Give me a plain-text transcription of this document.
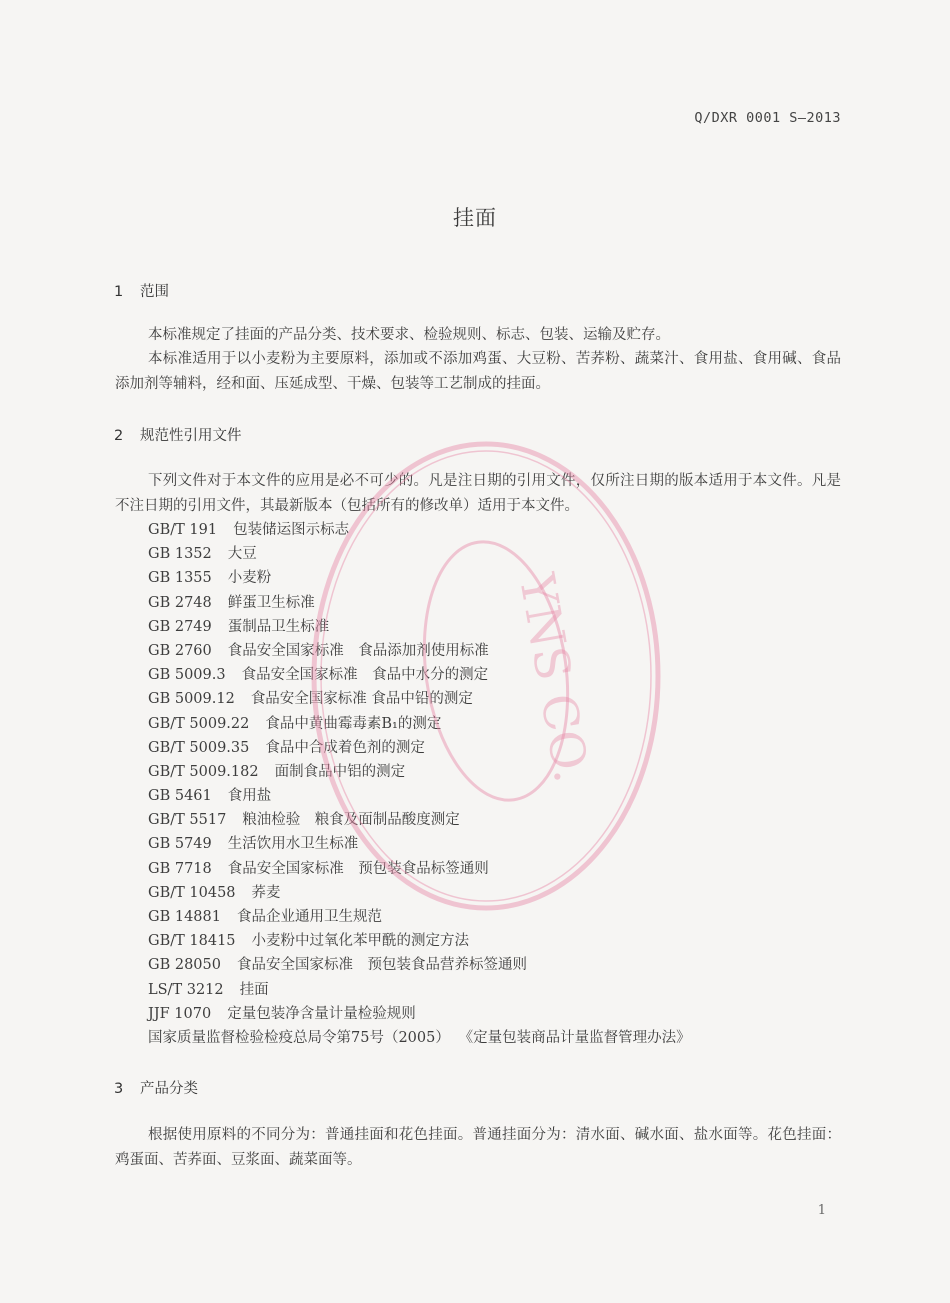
Q/DXR 0001 S—2013
挂面
1 范围
本标准规定了挂面的产品分类、技术要求、检验规则、标志、包装、运输及贮存。
本标准适用于以小麦粉为主要原料，添加或不添加鸡蛋、大豆粉、苦荞粉、蔬菜汁、食用盐、食用碱、食品添加剂等辅料，经和面、压延成型、干燥、包装等工艺制成的挂面。
2 规范性引用文件
下列文件对于本文件的应用是必不可少的。凡是注日期的引用文件，仅所注日期的版本适用于本文件。凡是不注日期的引用文件，其最新版本（包括所有的修改单）适用于本文件。
GB/T 191 包装储运图示标志
GB 1352 大豆
GB 1355 小麦粉
GB 2748 鲜蛋卫生标准
GB 2749 蛋制品卫生标准
GB 2760 食品安全国家标准　食品添加剂使用标准
GB 5009.3 食品安全国家标准　食品中水分的测定
GB 5009.12 食品安全国家标准 食品中铅的测定
GB/T 5009.22 食品中黄曲霉毒素B₁的测定
GB/T 5009.35 食品中合成着色剂的测定
GB/T 5009.182 面制食品中铝的测定
GB 5461 食用盐
GB/T 5517 粮油检验　粮食及面制品酸度测定
GB 5749 生活饮用水卫生标准
GB 7718 食品安全国家标准　预包装食品标签通则
GB/T 10458 荞麦
GB 14881 食品企业通用卫生规范
GB/T 18415 小麦粉中过氧化苯甲酰的测定方法
GB 28050 食品安全国家标准　预包装食品营养标签通则
LS/T 3212 挂面
JJF 1070 定量包装净含量计量检验规则
国家质量监督检验检疫总局令第75号（2005） 《定量包装商品计量监督管理办法》
3 产品分类
根据使用原料的不同分为：普通挂面和花色挂面。普通挂面分为：清水面、碱水面、盐水面等。花色挂面：鸡蛋面、苦荞面、豆浆面、蔬菜面等。
YNS CO.
1
